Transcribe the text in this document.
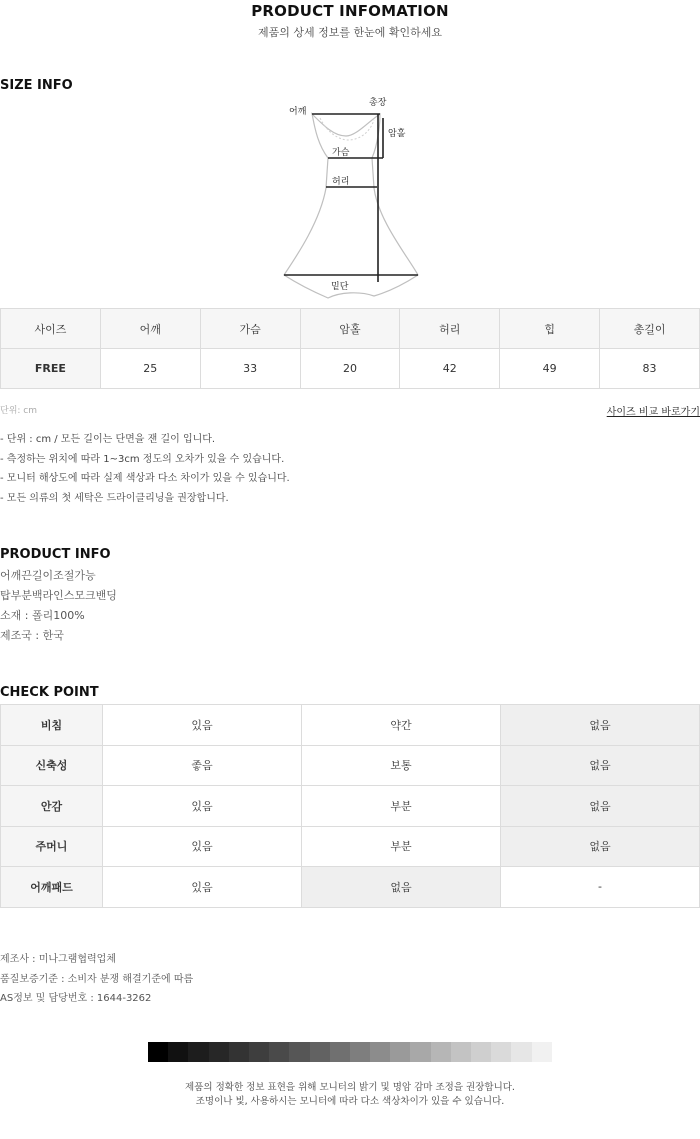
PRODUCT INFOMATION
제품의 상세 정보를 한눈에 확인하세요
SIZE INFO
어깨
총장
암홀
가슴
허리
밑단
사이즈	어깨	가슴	암홀	허리	힙	총길이
FREE	25	33	20	42	49	83
단위: cm	사이즈 비교 바로가기
- 단위 : cm / 모든 길이는 단면을 잰 길이 입니다.
- 측정하는 위치에 따라 1~3cm 정도의 오차가 있을 수 있습니다.
- 모니터 해상도에 따라 실제 색상과 다소 차이가 있을 수 있습니다.
- 모든 의류의 첫 세탁은 드라이클리닝을 권장합니다.
PRODUCT INFO
어깨끈길이조절가능
탑부분백라인스모크밴딩
소재 : 폴리100%
제조국 : 한국
CHECK POINT
비침	있음	약간	없음
신축성	좋음	보통	없음
안감	있음	부분	없음
주머니	있음	부분	없음
어깨패드	있음	없음	-
제조사 : 미나그램협력업체
품질보증기준 : 소비자 분쟁 해결기준에 따름
AS정보 및 담당번호 : 1644-3262
제품의 정확한 정보 표현을 위해 모니터의 밝기 및 명암 감마 조정을 권장합니다.
조명이나 빛, 사용하시는 모니터에 따라 다소 색상차이가 있을 수 있습니다.
